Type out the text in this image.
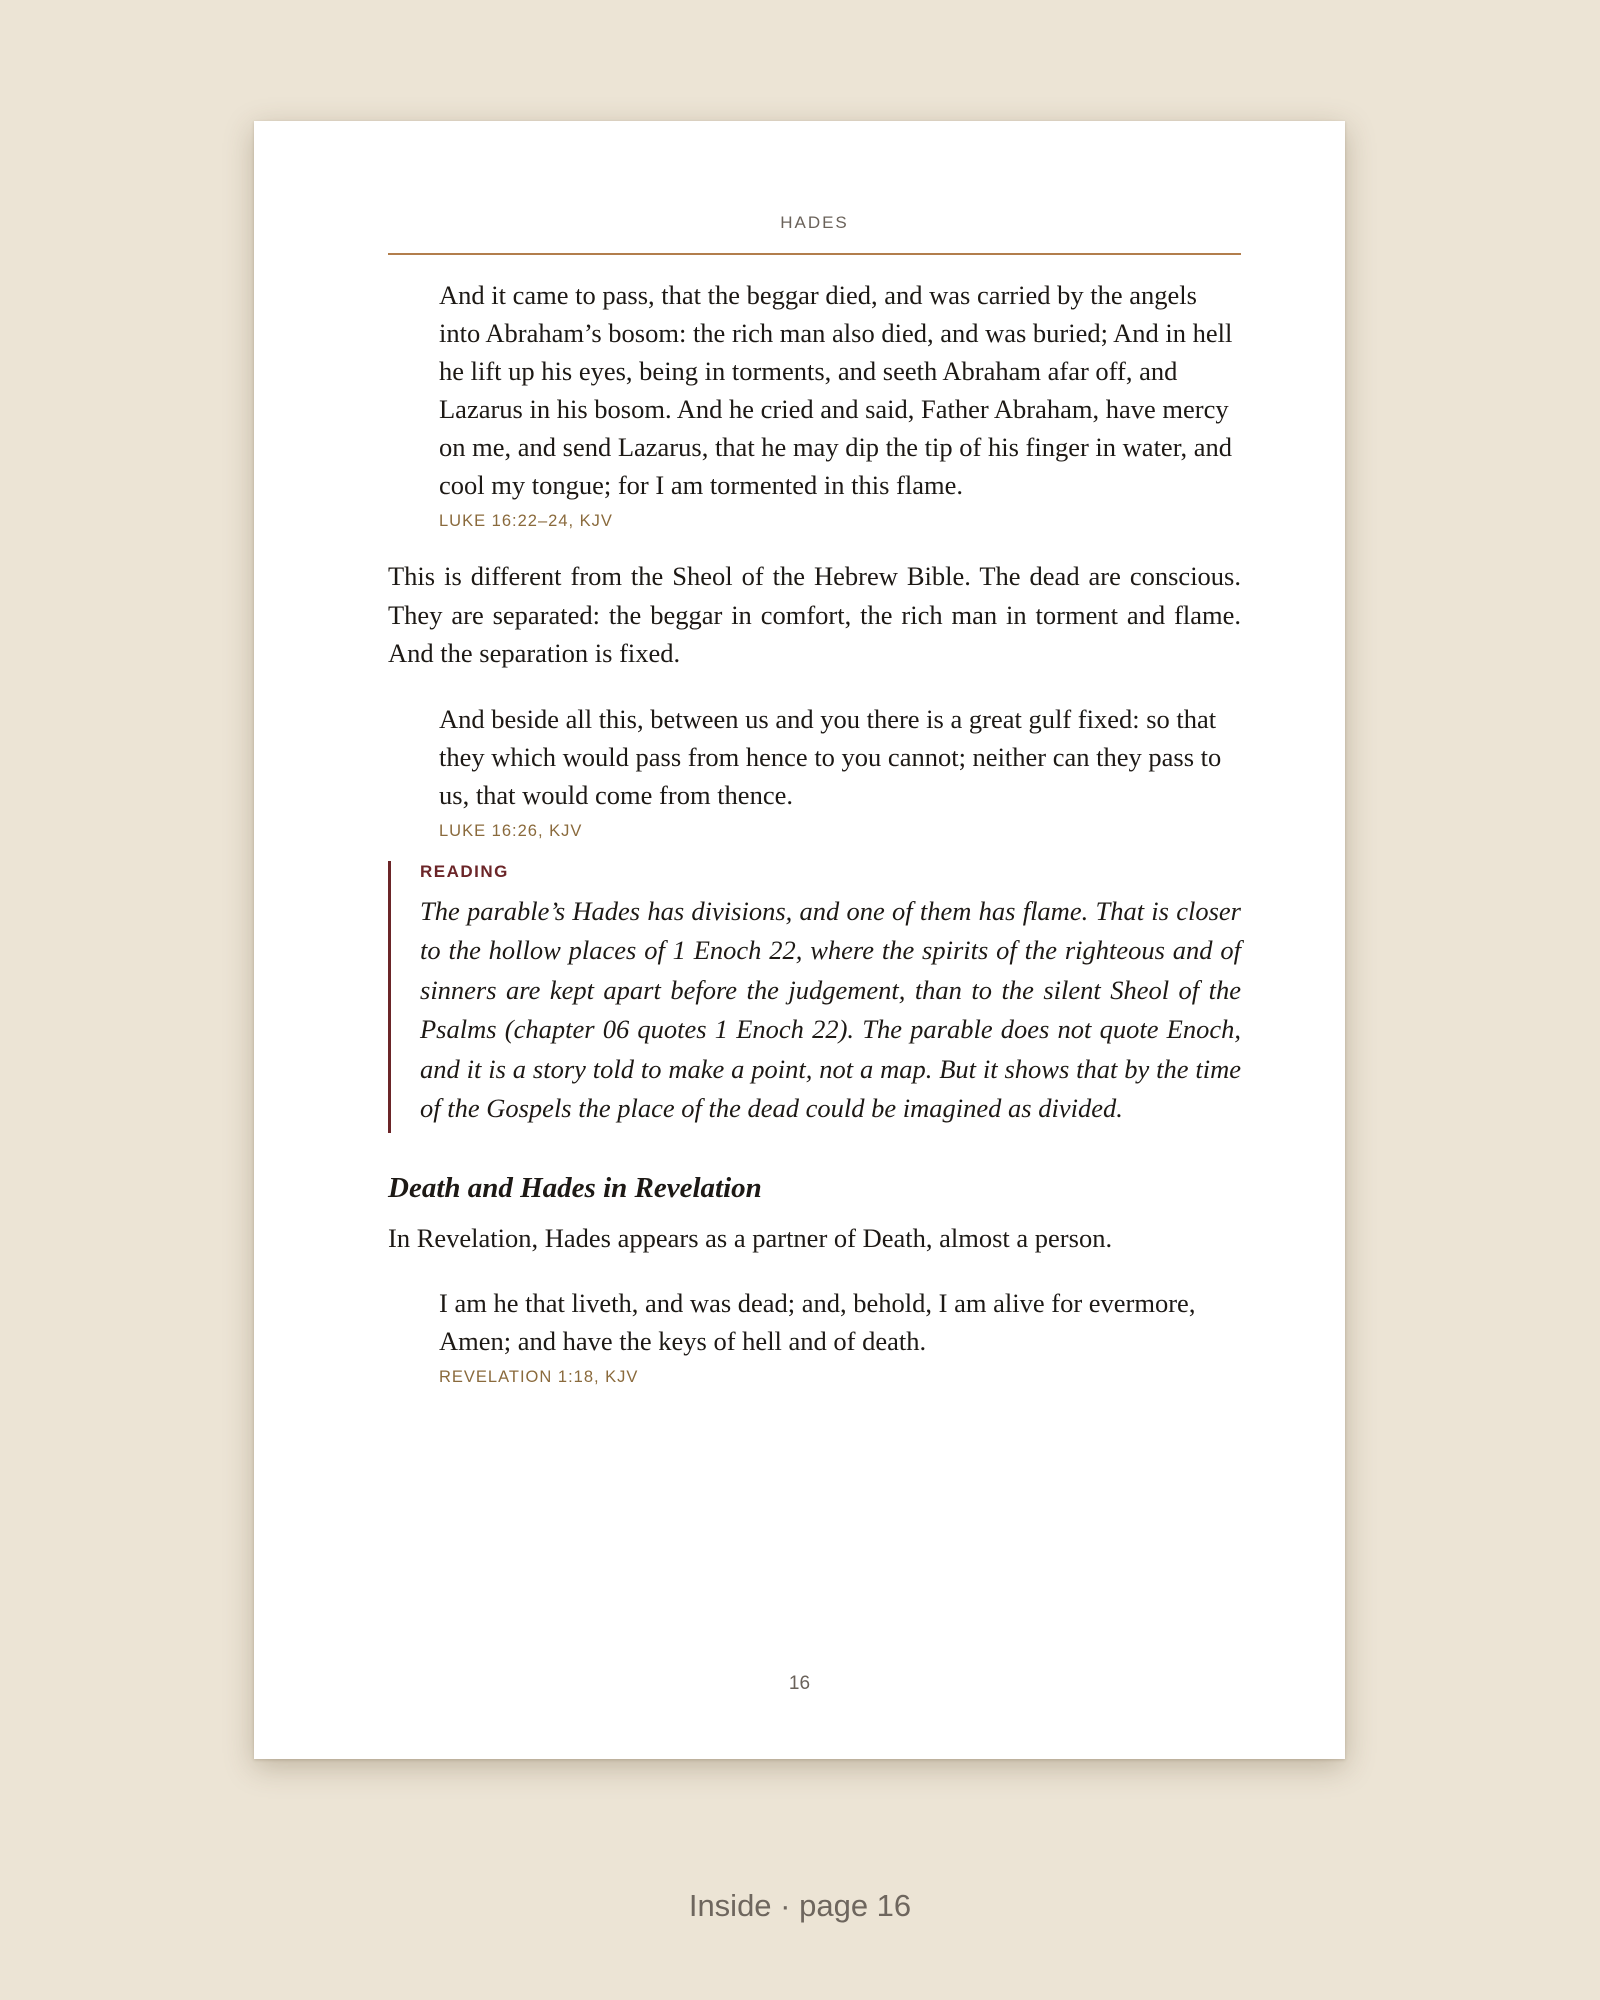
HADES

And it came to pass, that the beggar died, and was carried by the angels into Abraham’s bosom: the rich man also died, and was buried; And in hell he lift up his eyes, being in torments, and seeth Abraham afar off, and Lazarus in his bosom. And he cried and said, Father Abraham, have mercy on me, and send Lazarus, that he may dip the tip of his finger in water, and cool my tongue; for I am tormented in this flame.

LUKE 16:22–24, KJV

This is different from the Sheol of the Hebrew Bible. The dead are conscious. They are separated: the beggar in comfort, the rich man in torment and flame. And the separation is fixed.

And beside all this, between us and you there is a great gulf fixed: so that they which would pass from hence to you cannot; neither can they pass to us, that would come from thence.

LUKE 16:26, KJV
READING

The parable’s Hades has divisions, and one of them has flame. That is closer to the hollow places of 1 Enoch 22, where the spirits of the righteous and of sinners are kept apart before the judgement, than to the silent Sheol of the Psalms (chapter 06 quotes 1 Enoch 22). The parable does not quote Enoch, and it is a story told to make a point, not a map. But it shows that by the time of the Gospels the place of the dead could be imagined as divided.

Death and Hades in Revelation

In Revelation, Hades appears as a partner of Death, almost a person.

I am he that liveth, and was dead; and, behold, I am alive for evermore, Amen; and have the keys of hell and of death.

REVELATION 1:18, KJV
16
Inside · page 16
